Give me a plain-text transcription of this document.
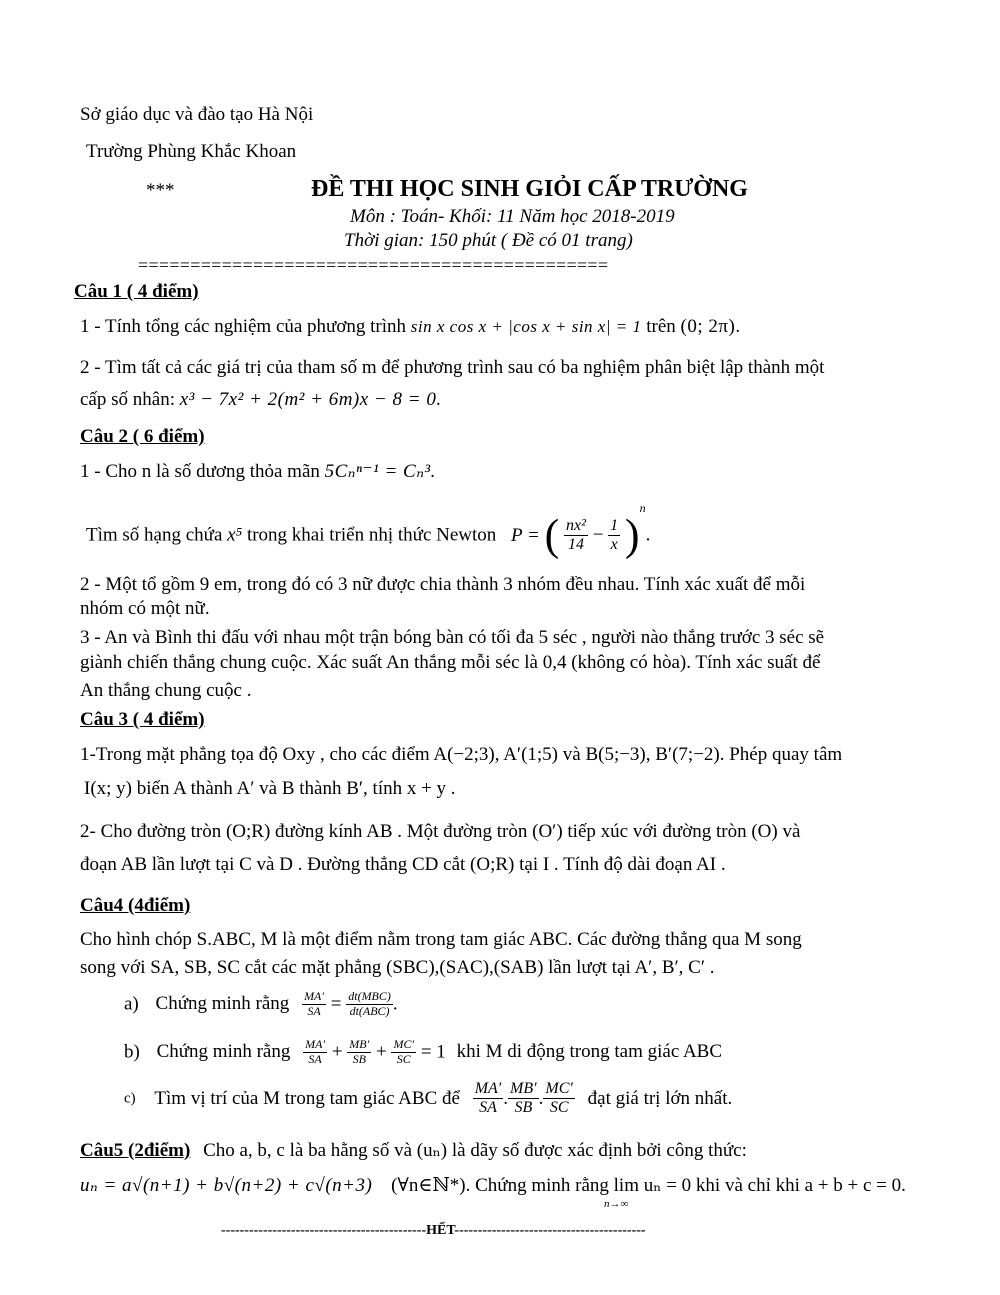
Sở giáo dục và đào tạo Hà Nội
Trường Phùng Khắc Khoan
***	ĐỀ THI HỌC SINH GIỎI CẤP TRƯỜNG
Môn : Toán- Khối: 11 Năm học 2018-2019
Thời gian: 150 phút ( Đề có 01 trang)
=============================================
Câu 1 ( 4 điểm)
1 - Tính tổng các nghiệm của phương trình sin x cos x + |cos x + sin x| = 1 trên (0; 2π).
2 - Tìm tất cả các giá trị của tham số m để phương trình sau có ba nghiệm phân biệt lập thành một
cấp số nhân: x³ − 7x² + 2(m² + 6m)x − 8 = 0.
Câu 2 ( 6 điểm)
1 - Cho n là số dương thỏa mãn 5Cₙⁿ⁻¹ = Cₙ³.
Tìm số hạng chứa x⁵ trong khai triển nhị thức Newton P = ( $\frac{\text{nx²}}{14} - \frac{1}{x} )^n$.
2 - Một tổ gồm 9 em, trong đó có 3 nữ được chia thành 3 nhóm đều nhau. Tính xác xuất để mỗi
nhóm có một nữ.
3 - An và Bình thi đấu với nhau một trận bóng bàn có tối đa 5 séc , người nào thắng trước 3 séc sẽ
giành chiến thắng chung cuộc. Xác suất An thắng mỗi séc là 0,4 (không có hòa). Tính xác suất để
An thắng chung cuộc .
Câu 3 ( 4 điểm)
1-Trong mặt phẳng tọa độ Oxy , cho các điểm A(−2;3), A′(1;5) và B(5;−3), B′(7;−2). Phép quay tâm
I(x; y) biến A thành A′ và B thành B′, tính x + y .
2- Cho đường tròn (O;R) đường kính AB . Một đường tròn (O′) tiếp xúc với đường tròn (O) và
đoạn AB lần lượt tại C và D . Đường thẳng CD cắt (O;R) tại I . Tính độ dài đoạn AI .
Câu4 (4điểm)
Cho hình chóp S.ABC, M là một điểm nằm trong tam giác ABC. Các đường thẳng qua M song
song với SA, SB, SC cắt các mặt phẳng (SBC),(SAC),(SAB) lần lượt tại A′, B′, C′ .
a) Chứng minh rằng $\frac{MA'}{SA} = \frac{\text{dt(MBC)}}{\text{dt(ABC)}}$ .
b) Chứng minh rằng $\frac{MA'}{SA} + \frac{MB'}{SB} + \frac{MC'}{SC} = 1$ khi M di động trong tam giác ABC
c) Tìm vị trí của M trong tam giác ABC để $\frac{MA'}{SA}$ . $\frac{MB'}{SB}$ . $\frac{MC'}{SC}$ đạt giá trị lớn nhất.
Câu5 (2điểm) Cho a, b, c là ba hằng số và (uₙ) là dãy số được xác định bởi công thức:
uₙ = a√(n+1) + b√(n+2) + c√(n+3) (∀n∈ℕ*). Chứng minh rằng lim uₙ = 0 khi và chỉ khi a + b + c = 0.
n→∞
--------------------------------------------HẾT-----------------------------------------
